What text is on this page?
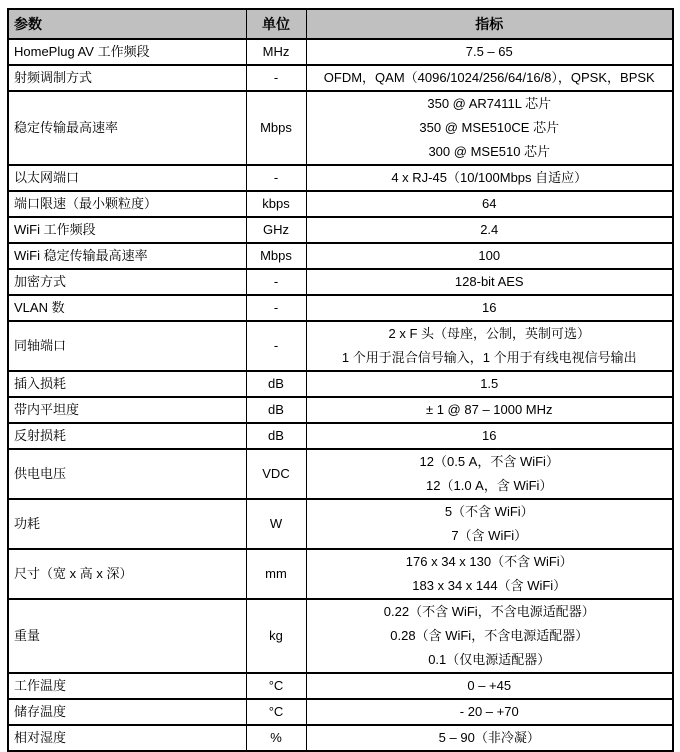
参数	单位	指标
HomePlug AV 工作频段	MHz	7.5 – 65

射频调制方式	-	OFDM，QAM（4096/1024/256/64/16/8），QPSK，BPSK

稳定传输最高速率	Mbps	350 @ AR7411L 芯片
350 @ MSE510CE 芯片
300 @ MSE510 芯片

以太网端口	-	4 x RJ-45（10/100Mbps 自适应）

端口限速（最小颗粒度）	kbps	64

WiFi 工作频段	GHz	2.4

WiFi 稳定传输最高速率	Mbps	100

加密方式	-	128-bit AES

VLAN 数	-	16

同轴端口	-	2 x F 头（母座，公制，英制可选）
1 个用于混合信号输入，1 个用于有线电视信号输出

插入损耗	dB	1.5

带内平坦度	dB	± 1 @ 87 – 1000 MHz

反射损耗	dB	16

供电电压	VDC	12（0.5 A，不含 WiFi）
12（1.0 A，含 WiFi）

功耗	W	5（不含 WiFi）
7（含 WiFi）

尺寸（宽 x 高 x 深）	mm	176 x 34 x 130（不含 WiFi）
183 x 34 x 144（含 WiFi）

重量	kg	0.22（不含 WiFi，不含电源适配器）
0.28（含 WiFi，不含电源适配器）
0.1（仅电源适配器）

工作温度	°C	0 – +45

储存温度	°C	- 20 – +70

相对湿度	%	5 – 90（非冷凝）
